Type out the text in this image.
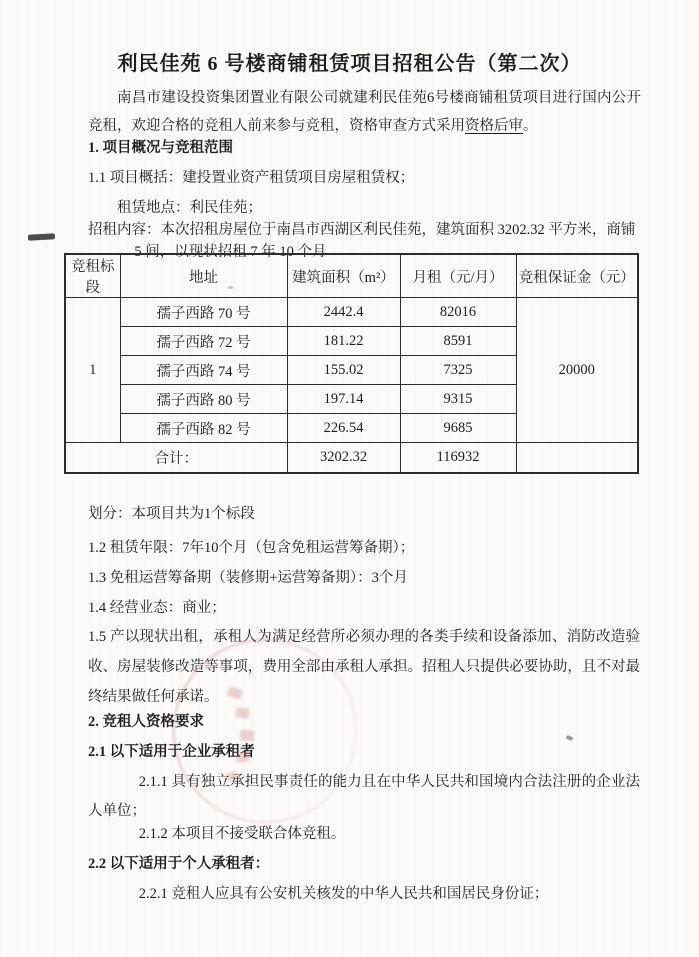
利民佳苑 6 号楼商铺租赁项目招租公告（第二次）

南昌市建设投资集团置业有限公司就建利民佳苑6号楼商铺租赁项目进行国内公开竞租，欢迎合格的竞租人前来参与竞租，资格审查方式采用资格后审。

1. 项目概况与竞租范围
1.1 项目概括：建投置业资产租赁项目房屋租赁权；
租赁地点：利民佳苑；
招租内容：本次招租房屋位于南昌市西湖区利民佳苑，建筑面积 3202.32 平方米，商铺
5 间，以现状招租 7 年 10 个月
竞租标段	地址	建筑面积（m²）	月租（元/月）	竞租保证金（元）
1	孺子西路 70 号	2442.4	82016	20000
	孺子西路 72 号	181.22	8591	
	孺子西路 74 号	155.02	7325	
	孺子西路 80 号	197.14	9315	
	孺子西路 82 号	226.54	9685	
合计：		3202.32	116932	
划分：本项目共为1个标段
1.2 租赁年限：7年10个月（包含免租运营筹备期）；
1.3 免租运营筹备期（装修期+运营筹备期）：3个月
1.4 经营业态：商业；
1.5 产以现状出租，承租人为满足经营所必须办理的各类手续和设备添加、消防改造验收、房屋装修改造等事项，费用全部由承租人承担。招租人只提供必要协助，且不对最终结果做任何承诺。
2. 竞租人资格要求
2.1 以下适用于企业承租者
2.1.1 具有独立承担民事责任的能力且在中华人民共和国境内合法注册的企业法人单位；
2.1.2 本项目不接受联合体竞租。
2.2 以下适用于个人承租者：
2.2.1 竞租人应具有公安机关核发的中华人民共和国居民身份证；
